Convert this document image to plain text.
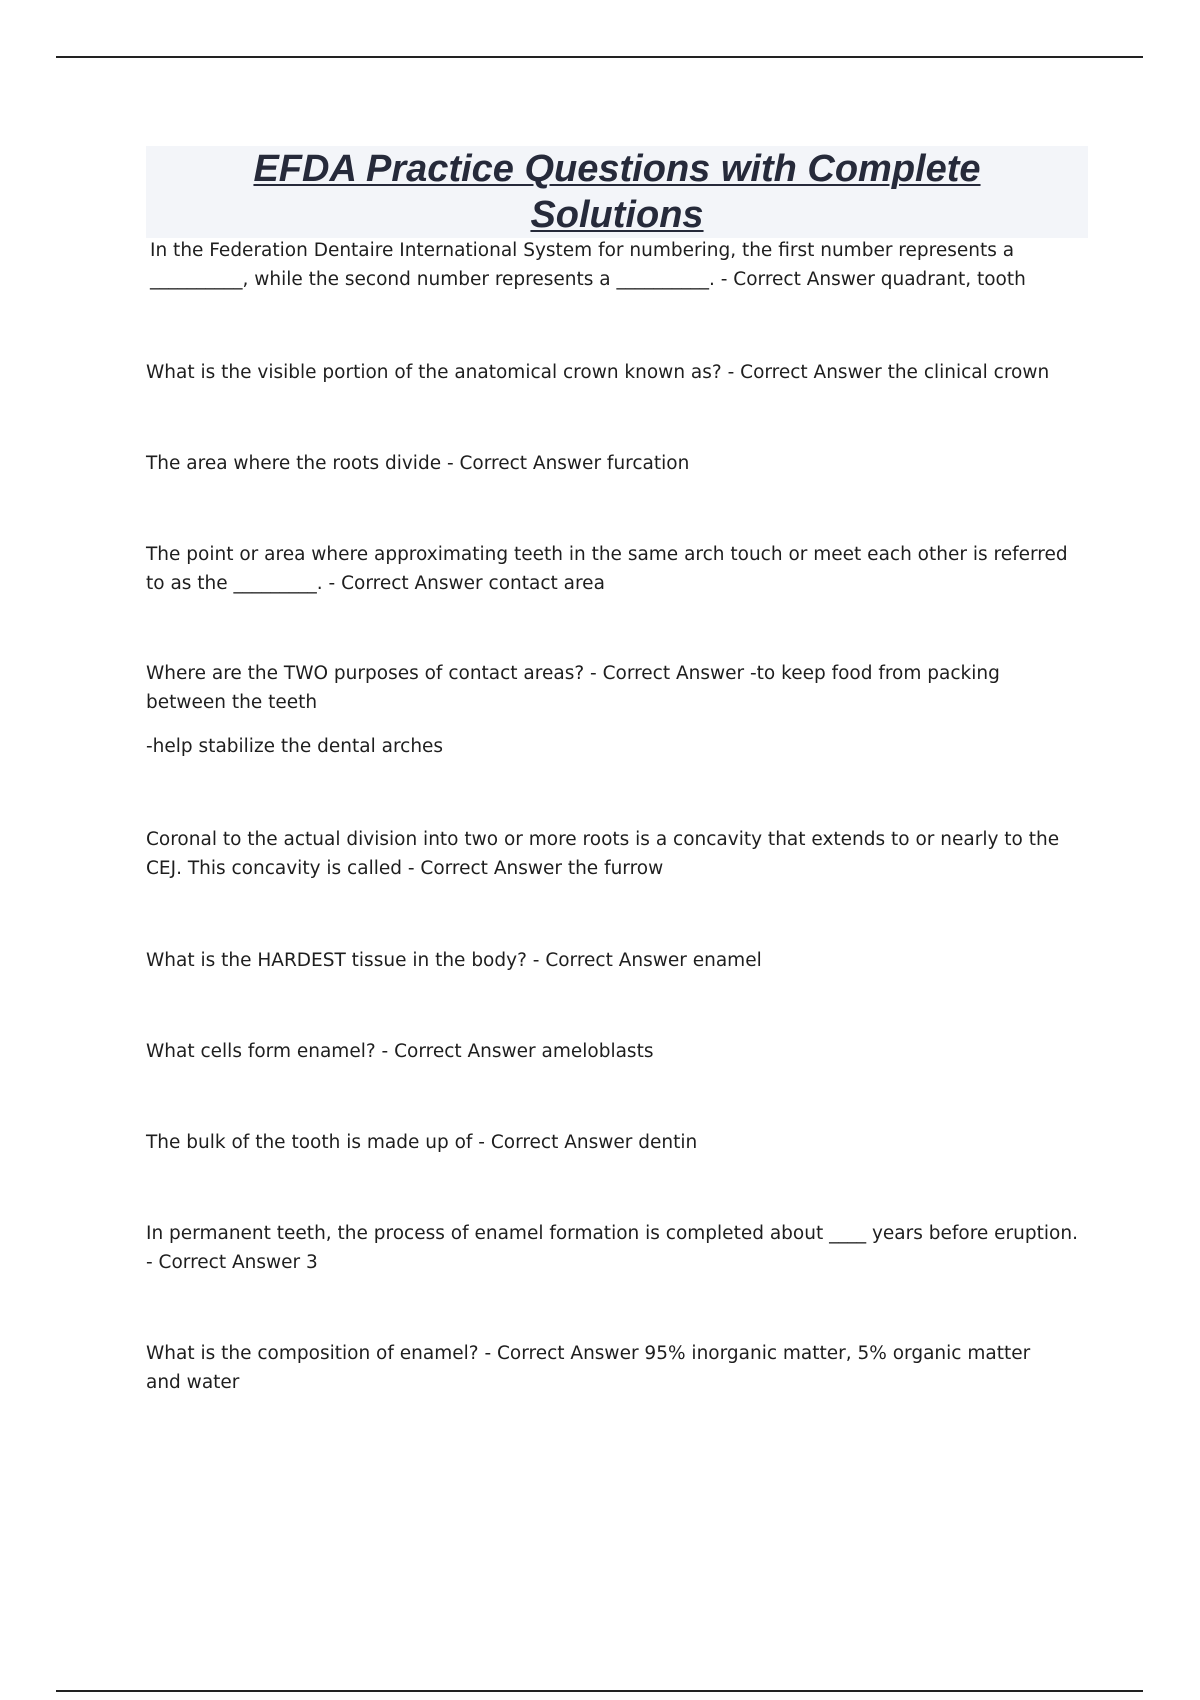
EFDA Practice Questions with Complete Solutions

In the Federation Dentaire International System for numbering, the first number represents a __________, while the second number represents a __________. - Correct Answer quadrant, tooth

What is the visible portion of the anatomical crown known as? - Correct Answer the clinical crown

The area where the roots divide - Correct Answer furcation

The point or area where approximating teeth in the same arch touch or meet each other is referred to as the _________. - Correct Answer contact area

Where are the TWO purposes of contact areas? - Correct Answer -to keep food from packing between the teeth

-help stabilize the dental arches

Coronal to the actual division into two or more roots is a concavity that extends to or nearly to the CEJ. This concavity is called - Correct Answer the furrow

What is the HARDEST tissue in the body? - Correct Answer enamel

What cells form enamel? - Correct Answer ameloblasts

The bulk of the tooth is made up of - Correct Answer dentin

In permanent teeth, the process of enamel formation is completed about ____ years before eruption. - Correct Answer 3

What is the composition of enamel? - Correct Answer 95% inorganic matter, 5% organic matter and water
